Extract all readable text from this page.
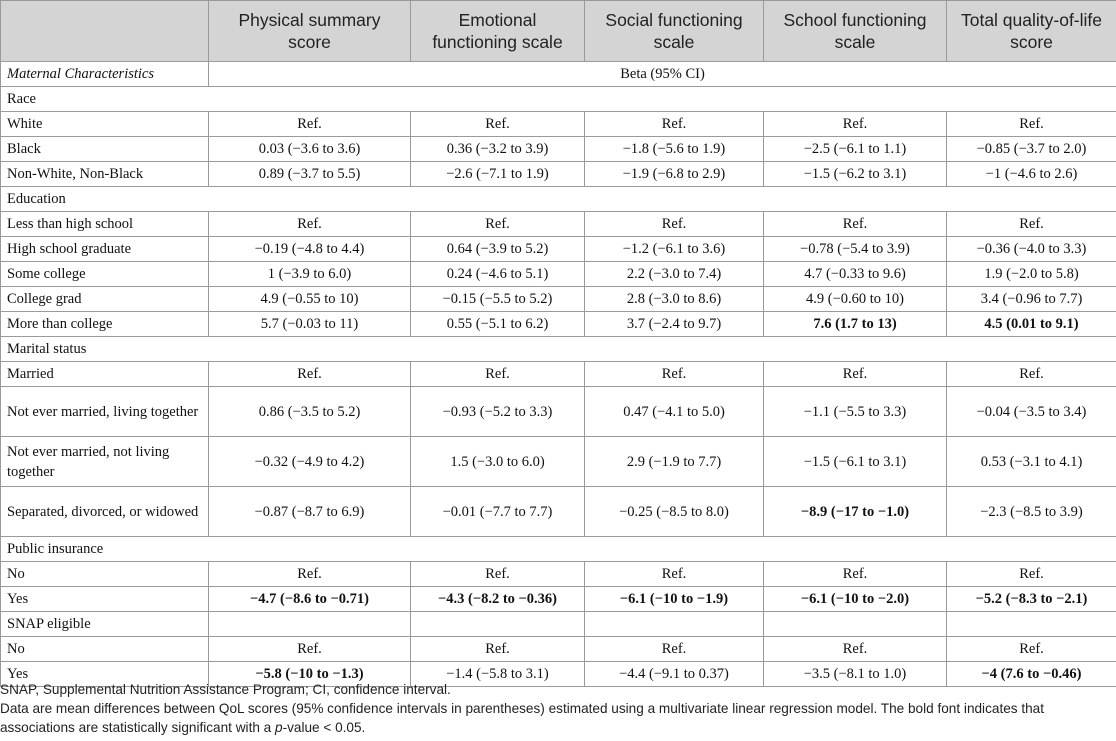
	Physical summary score	Emotional functioning scale	Social functioning scale	School functioning scale	Total quality-of-life score
Maternal Characteristics	Beta (95% CI)				
Race					
White	Ref.	Ref.	Ref.	Ref.	Ref.
Black	0.03 (−3.6 to 3.6)	0.36 (−3.2 to 3.9)	−1.8 (−5.6 to 1.9)	−2.5 (−6.1 to 1.1)	−0.85 (−3.7 to 2.0)
Non-White, Non-Black	0.89 (−3.7 to 5.5)	−2.6 (−7.1 to 1.9)	−1.9 (−6.8 to 2.9)	−1.5 (−6.2 to 3.1)	−1 (−4.6 to 2.6)
Education					
Less than high school	Ref.	Ref.	Ref.	Ref.	Ref.
High school graduate	−0.19 (−4.8 to 4.4)	0.64 (−3.9 to 5.2)	−1.2 (−6.1 to 3.6)	−0.78 (−5.4 to 3.9)	−0.36 (−4.0 to 3.3)
Some college	1 (−3.9 to 6.0)	0.24 (−4.6 to 5.1)	2.2 (−3.0 to 7.4)	4.7 (−0.33 to 9.6)	1.9 (−2.0 to 5.8)
College grad	4.9 (−0.55 to 10)	−0.15 (−5.5 to 5.2)	2.8 (−3.0 to 8.6)	4.9 (−0.60 to 10)	3.4 (−0.96 to 7.7)
More than college	5.7 (−0.03 to 11)	0.55 (−5.1 to 6.2)	3.7 (−2.4 to 9.7)	7.6 (1.7 to 13)	4.5 (0.01 to 9.1)
Marital status					
Married	Ref.	Ref.	Ref.	Ref.	Ref.
Not ever married, living together	0.86 (−3.5 to 5.2)	−0.93 (−5.2 to 3.3)	0.47 (−4.1 to 5.0)	−1.1 (−5.5 to 3.3)	−0.04 (−3.5 to 3.4)
Not ever married, not living together	−0.32 (−4.9 to 4.2)	1.5 (−3.0 to 6.0)	2.9 (−1.9 to 7.7)	−1.5 (−6.1 to 3.1)	0.53 (−3.1 to 4.1)
Separated, divorced, or widowed	−0.87 (−8.7 to 6.9)	−0.01 (−7.7 to 7.7)	−0.25 (−8.5 to 8.0)	−8.9 (−17 to −1.0)	−2.3 (−8.5 to 3.9)
Public insurance					
No	Ref.	Ref.	Ref.	Ref.	Ref.
Yes	−4.7 (−8.6 to −0.71)	−4.3 (−8.2 to −0.36)	−6.1 (−10 to −1.9)	−6.1 (−10 to −2.0)	−5.2 (−8.3 to −2.1)
SNAP eligible					
No	Ref.	Ref.	Ref.	Ref.	Ref.
Yes	−5.8 (−10 to −1.3)	−1.4 (−5.8 to 3.1)	−4.4 (−9.1 to 0.37)	−3.5 (−8.1 to 1.0)	−4 (7.6 to −0.46)

SNAP, Supplemental Nutrition Assistance Program; CI, confidence interval.

Data are mean differences between QoL scores (95% confidence intervals in parentheses) estimated using a multivariate linear regression model. The bold font indicates that associations are statistically significant with a p-value < 0.05.
